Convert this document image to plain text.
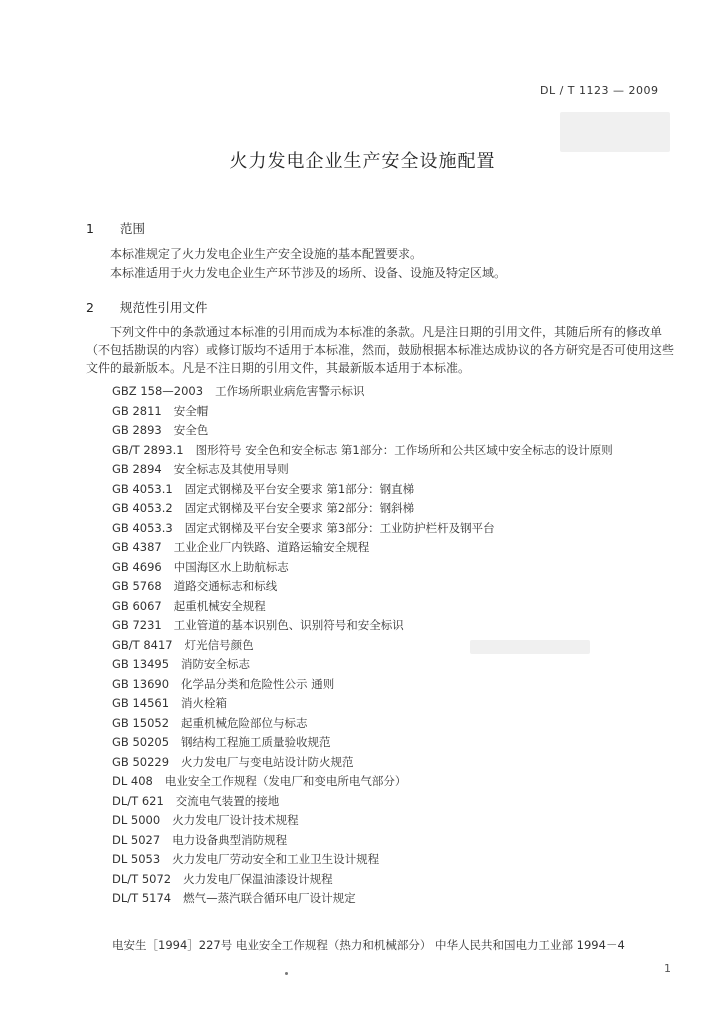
DL / T 1123 — 2009
火力发电企业生产安全设施配置
1 范围
本标准规定了火力发电企业生产安全设施的基本配置要求。
本标准适用于火力发电企业生产环节涉及的场所、设备、设施及特定区域。
2 规范性引用文件
下列文件中的条款通过本标准的引用而成为本标准的条款。凡是注日期的引用文件，其随后所有的修改单（不包括勘误的内容）或修订版均不适用于本标准，然而，鼓励根据本标准达成协议的各方研究是否可使用这些文件的最新版本。凡是不注日期的引用文件，其最新版本适用于本标准。
GBZ 158—2003 工作场所职业病危害警示标识
GB 2811 安全帽
GB 2893 安全色
GB/T 2893.1 图形符号 安全色和安全标志 第1部分：工作场所和公共区域中安全标志的设计原则
GB 2894 安全标志及其使用导则
GB 4053.1 固定式钢梯及平台安全要求 第1部分：钢直梯
GB 4053.2 固定式钢梯及平台安全要求 第2部分：钢斜梯
GB 4053.3 固定式钢梯及平台安全要求 第3部分：工业防护栏杆及钢平台
GB 4387 工业企业厂内铁路、道路运输安全规程
GB 4696 中国海区水上助航标志
GB 5768 道路交通标志和标线
GB 6067 起重机械安全规程
GB 7231 工业管道的基本识别色、识别符号和安全标识
GB/T 8417 灯光信号颜色
GB 13495 消防安全标志
GB 13690 化学品分类和危险性公示 通则
GB 14561 消火栓箱
GB 15052 起重机械危险部位与标志
GB 50205 钢结构工程施工质量验收规范
GB 50229 火力发电厂与变电站设计防火规范
DL 408 电业安全工作规程（发电厂和变电所电气部分）
DL/T 621 交流电气装置的接地
DL 5000 火力发电厂设计技术规程
DL 5027 电力设备典型消防规程
DL 5053 火力发电厂劳动安全和工业卫生设计规程
DL/T 5072 火力发电厂保温油漆设计规程
DL/T 5174 燃气—蒸汽联合循环电厂设计规定
电安生［1994］227号 电业安全工作规程（热力和机械部分） 中华人民共和国电力工业部 1994－4
1
